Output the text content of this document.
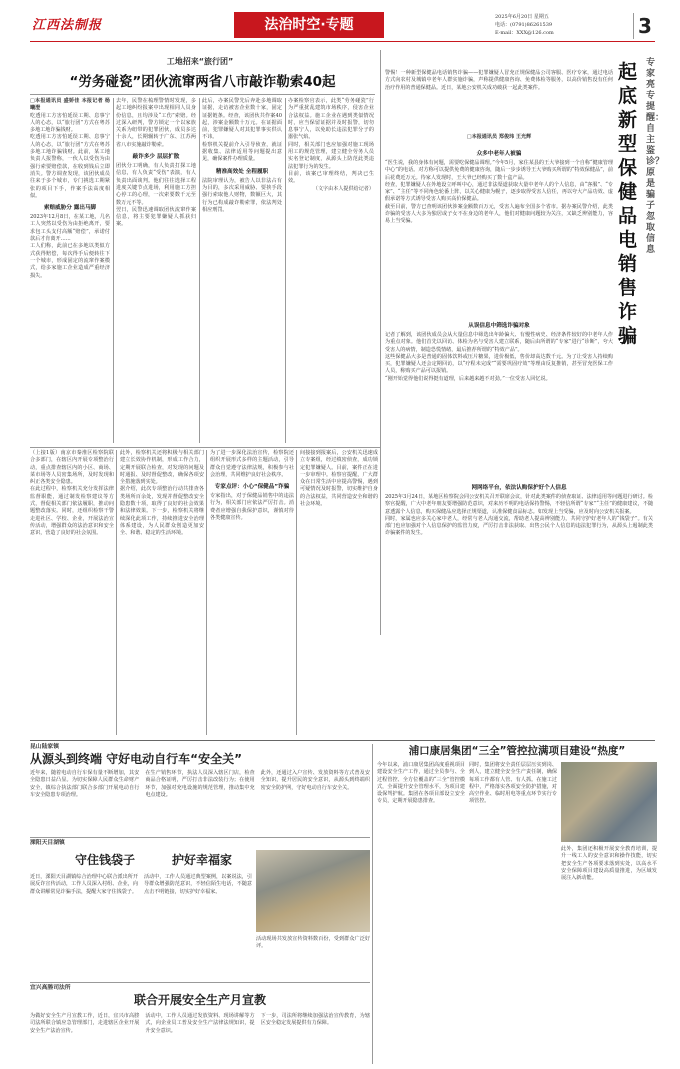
江西法制报	法治时空·专题	2025年6月20日 星期五
电话：(0791)86261539
E-mail：XXX@126.com	3
工地招来“旅行团”
“労务碰瓷”团伙流窜两省八市敲诈勒索40起
□本报通讯员 盛娇佳 本报记者 杨曦澄
吃透用工方害怕延误工期、息事宁人的心态，以“旅行团”方式在粤苏多地工地诈骗钱财。
吃透用工方害怕延误工期、息事宁人的心态，以“旅行团”方式在粤苏多地工地诈骗钱财。此前，某工地负责人报警称，一伙人以受伤为由强行索要赔偿款，在收到钱后立即消失。警方调查发现，该团伙成员往来于多个城市，专门挑选工期紧张的项目下手，作案手法高度相似。
索赔威胁分 露出马脚
2023年12月8日，在某工地，几名工人突然以受伤为由拒绝离开，要求包工头支付高额“赔偿”，承诺付款后才肯离开……
工人们称，此前已在多地以类似方式获得赔偿，每次得手后便转往下一个城市，形成固定的流窜作案模式，给多家施工企业造成严重经济损失。
去年，民警在梳理警情时发现，多起工地纠纷报案中出现相同人员身份信息，且均涉及“工伤”索赔。经过深入研判，警方锁定一个以家族关系为纽带的犯罪团伙，成员多达十余人，长期辗转于广东、江苏两省八市实施敲诈勒索。
敲诈多少 层层扩散
团伙分工明确，有人负责打探工地信息，有人负责“受伤”表演，有人负责出面谈判。他们往往选择工程进度关键节点进场，利用施工方担心停工的心理，一次索要数千元至数万元不等。
翌日，民警迅速调取团伙流窜作案信息，将主要犯罪嫌疑人抓获归案。
此后，办案民警先后奔赴多地调取证据，走访被害企业数十家，固定证据链条。经查，该团伙共作案40起，涉案金额数十万元。在证据面前，犯罪嫌疑人对其犯罪事实供认不讳。
检察机关提前介入引导侦查，就证据收集、法律适用等问题提出意见，确保案件办理质量。
精准高效处 全程履职
法院审理认为，被告人以非法占有为目的，多次采用威胁、要挟手段强行索取他人财物，数额巨大，其行为已构成敲诈勒索罪，依法判处相应刑罚。
办案检察官表示，此类“劳务碰瓷”行为严重扰乱建筑市场秩序，侵害企业合法权益。施工企业在遇到类似情况时，应当保留证据并及时报警，切勿息事宁人，以免助长违法犯罪分子的嚣张气焰。
同时，相关部门也应加强对施工现场用工的规范管理，建立健全劳务人员实名登记制度，从源头上防范此类违法犯罪行为的发生。
目前，该案已审理终结，判决已生效。
（文字由本人提供给记者）
专家亮专提醒：自主鉴诊？原是骗子忽取信息
起底新型保健品电销售诈骗
警惕！一种新型保健品电话销售诈骗——犯罪嫌疑人冒充正规保健品公司客服、医疗专家，通过电话方式向农村及城镇中老年人群实施诈骗，声称提供健康咨询、免费体检等服务，以高价销售没有任何治疗作用的普通保健品。近日，某地公安机关成功破获一起此类案件。
□本报通讯员 郑俊玮 王光辉
众多中老年人被骗
“医生说，我的身体有问题，需要吃保健品调理。”今年5月，家住某县的王大爷接到一个自称“健康管理中心”的电话。对方称可以提供免费的健康咨询，随后一步步诱导王大爷购买所谓的“特效保健品”，前后花费近万元。待家人发现时，王大爷已经购买了数十盒产品。
经查，犯罪嫌疑人在外地设立呼叫中心，通过非法渠道获取大量中老年人的个人信息，由“客服”、“专家”、“主任”等不同角色轮番上阵，以关心健康为幌子，逐步取得受害人信任，再以夸大产品功效、虚假承诺等方式诱导受害人购买高价保健品。
截至目前，警方已查明该团伙涉案金额数百万元，受害人遍布全国多个省市。据办案民警介绍，此类诈骗的受害人大多为独居或子女不在身边的老年人，他们对健康问题较为关注，又缺乏辨别能力，容易上当受骗。
从误信息中筛选诈骗对象
记者了解到，该团伙成员会从大量信息中筛选出年龄偏大、有慢性病史、经济条件较好的中老年人作为重点对象。他们首先以回访、体检为名与受害人建立联系，随后由所谓的“专家”进行“诊断”，夸大受害人的病情，制造恐慌情绪，最后推荐所谓的“特效产品”。
这些保健品大多是普通的固体饮料或压片糖果，进价极低，售价却高达数千元。为了让受害人持续购买，犯罪嫌疑人还会定期回访，以“疗程未完成”“需要巩固疗效”等理由反复推销，甚至冒充医保工作人员，称购买产品可以报销。
“刚开始觉得他们说得挺有道理，后来越来越不对劲。”一位受害人回忆说。
网网络平台，依法认购保护好个人信息
2025年3月24日，某地区检察院会同公安机关召开联席会议，针对此类案件的侦查取证、法律适用等问题进行研讨。检察官提醒，广大中老年朋友要增强防范意识，对来历不明的电话保持警惕，不轻信所谓“专家”“主任”的健康建议，不随意透露个人信息，购买保健品应选择正规渠道，认准保健食品标志。如发现上当受骗，应及时向公安机关报案。
同时，家属也应多关心家中老人，经常与老人沟通交流，帮助老人提高辨别能力，共同守护好老年人的“钱袋子”。有关部门也应加强对个人信息保护的监管力度，严厉打击非法获取、出售公民个人信息的违法犯罪行为，从源头上遏制此类诈骗案件的发生。
（上接1版）南京市秦淮区检察院联合多部门，在辖区内开展专项整治行动，重点排查辖区内的小区、商场、菜市场等人员密集场所，及时发现和纠正各类安全隐患。
在此过程中，检察机关充分发挥法律监督职能，通过制发检察建议等方式，督促相关部门依法履职，推动问题整改落实。同时，还组织检察干警走进社区、学校、企业，开展法治宣传活动，增强群众的法治意识和安全意识，营造了良好的社会氛围。
此外，检察机关还将积极与相关部门建立长效协作机制，形成工作合力，定期开展联合检查，对发现的问题及时通报、及时督促整改，确保各项安全措施落到实处。
据介绍，此次专项整治行动共排查各类场所百余处，发现并督促整改安全隐患数十项，取得了良好的社会效果和法律效果。下一步，检察机关将继续深化此项工作，持续推进安全治理体系建设，为人民群众创造更加安全、和谐、稳定的生活环境。
为了进一步深化法治宣传，检察院还组织开展形式多样的主题活动，引导群众自觉遵守法律法规，积极参与社会治理，共同维护良好社会秩序。
专家点评：小心“保健品”诈骗
专家指出，对于保健品销售中的违法行为，相关部门应依法严厉打击。消费者应增强自我保护意识，谨慎对待各类健康宣传。
间接接到报案后，公安机关迅速成立专案组，经过缜密侦查，成功锁定犯罪嫌疑人。目前，案件正在进一步审理中。检察官提醒，广大群众在日常生活中应提高警惕，遇到可疑情况及时报警，切实维护自身的合法权益，共同营造安全和谐的社会环境。
昆山陆家镇
从源头到终端 守好电动自行车“安全关”
近年来，随着电动自行车保有量不断增加，其安全隐患日益凸显。为切实保障人民群众生命财产安全，镇综合执法部门联合多部门开展电动自行车安全隐患专项治理。
在生产销售环节，执法人员深入辖区门店，检查商品合格证明，严厉打击非法改装行为；在使用环节，加强对充电设施的规范管理，推动集中充电点建设。
此外，还通过入户宣传、发放资料等方式普及安全知识，提升居民的安全意识，从源头到终端织密安全防护网，守好电动自行车安全关。
浦口康居集团“三全”管控拉满项目建设“热度”
今年以来，浦口康居集团高度重视项目建设安全生产工作，通过全员参与、全过程管控、全方位覆盖的“三全”管控模式，全面提升安全管理水平，为项目建设保驾护航。集团在各项目部设立安全专员，定期开展隐患排查。
同时，集团将安全责任层层压实到岗、到人，建立健全安全生产责任制，确保每项工作都有人管、有人抓。在施工过程中，严格落实各项安全防护措施，对高空作业、临时用电等重点环节实行专项管控。
此外，集团还积极开展安全教育培训，提升一线工人的安全意识和操作技能，切实把安全生产各项要求落到实处，以高水平安全保障项目建设高质量推进，为区域发展注入新动能。
溧阳天目湖镇
守住钱袋子	护好幸福家
近日，溧阳天目湖镇综合治理中心联合派出所开展反诈宣传活动，工作人员深入村组、企业，向群众讲解常见诈骗手法，提醒大家守住钱袋子。
活动中，工作人员通过典型案例，以案说法，引导群众增强防范意识，不轻信陌生电话，不随意点击不明链接，切实护好幸福家。
活动现场共发放宣传资料数百份，受到群众广泛好评。
宜兴高塍司法所
联合开展安全生产月宣教
为做好安全生产月宣教工作，近日，宜兴市高塍司法所联合镇应急管理部门，走进辖区企业开展安全生产法治宣传。
活动中，工作人员通过发放资料、现场讲解等方式，向企业员工普及安全生产法律法规知识，提升安全意识。
下一步，司法所将继续加强法治宣传教育，为辖区安全稳定发展提供有力保障。
